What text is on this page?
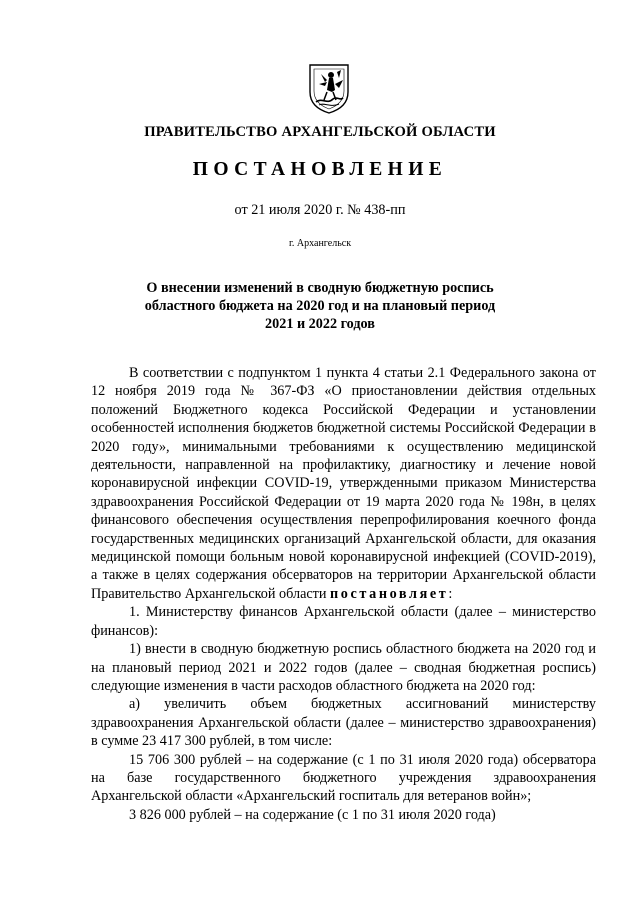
ПРАВИТЕЛЬСТВО АРХАНГЕЛЬСКОЙ ОБЛАСТИ
ПОСТАНОВЛЕНИЕ
от 21 июля 2020 г. № 438-пп
г. Архангельск
О внесении изменений в сводную бюджетную роспись
областного бюджета на 2020 год и на плановый период
2021 и 2022 годов

В соответствии с подпунктом 1 пункта 4 статьи 2.1 Федерального закона от 12 ноября 2019 года № 367-ФЗ «О приостановлении действия отдельных положений Бюджетного кодекса Российской Федерации и установлении особенностей исполнения бюджетов бюджетной системы Российской Федерации в 2020 году», минимальными требованиями к осуществлению медицинской деятельности, направленной на профилактику, диагностику и лечение новой коронавирусной инфекции COVID-19, утвержденными приказом Министерства здравоохранения Российской Федерации от 19 марта 2020 года № 198н, в целях финансового обеспечения осуществления перепрофилирования коечного фонда государственных медицинских организаций Архангельской области, для оказания медицинской помощи больным новой коронавирусной инфекцией (COVID-2019), а также в целях содержания обсерваторов на территории Архангельской области Правительство Архангельской области постановляет:

1. Министерству финансов Архангельской области (далее – министерство финансов):

1) внести в сводную бюджетную роспись областного бюджета на 2020 год и на плановый период 2021 и 2022 годов (далее – сводная бюджетная роспись) следующие изменения в части расходов областного бюджета на 2020 год:

а) увеличить объем бюджетных ассигнований министерству здравоохранения Архангельской области (далее – министерство здравоохранения) в сумме 23 417 300 рублей, в том числе:

15 706 300 рублей – на содержание (с 1 по 31 июля 2020 года) обсерватора на базе государственного бюджетного учреждения здравоохранения Архангельской области «Архангельский госпиталь для ветеранов войн»;

3 826 000 рублей – на содержание (с 1 по 31 июля 2020 года)
